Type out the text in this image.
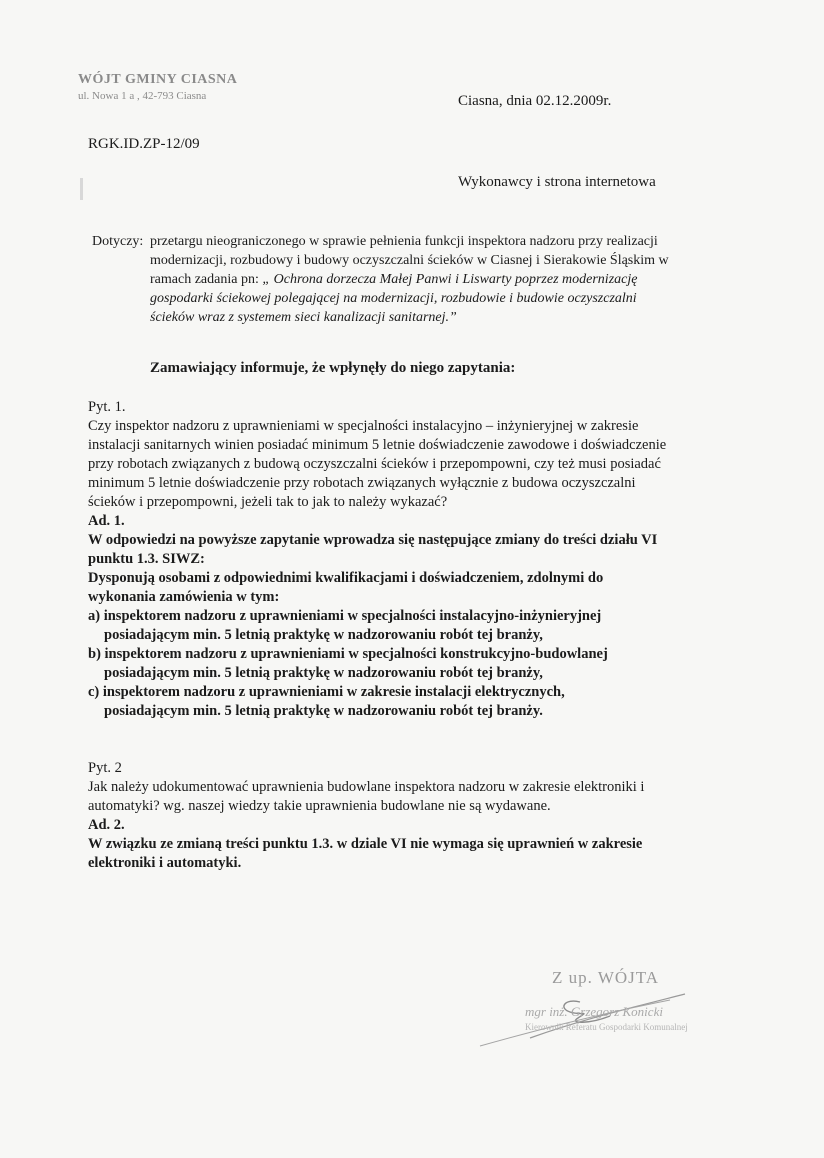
WÓJT GMINY CIASNA
ul. Nowa 1 a , 42-793 Ciasna	Ciasna, dnia 02.12.2009r.
RGK.ID.ZP-12/09
Wykonawcy i strona internetowa
Dotyczy: przetargu nieograniczonego w sprawie pełnienia funkcji inspektora nadzoru przy realizacji
modernizacji, rozbudowy i budowy oczyszczalni ścieków w Ciasnej i Sierakowie Śląskim w
ramach zadania pn: „ Ochrona dorzecza Małej Panwi i Liswarty poprzez modernizację
gospodarki ściekowej polegającej na modernizacji, rozbudowie i budowie oczyszczalni
ścieków wraz z systemem sieci kanalizacji sanitarnej.”
Zamawiający informuje, że wpłynęły do niego zapytania:

Pyt. 1.

Czy inspektor nadzoru z uprawnieniami w specjalności instalacyjno – inżynieryjnej w zakresie

instalacji sanitarnych winien posiadać minimum 5 letnie doświadczenie zawodowe i doświadczenie

przy robotach związanych z budową oczyszczalni ścieków i przepompowni, czy też musi posiadać

minimum 5 letnie doświadczenie przy robotach związanych wyłącznie z budowa oczyszczalni

ścieków i przepompowni, jeżeli tak to jak to należy wykazać?

Ad. 1.

W odpowiedzi na powyższe zapytanie wprowadza się następujące zmiany do treści działu VI

punktu 1.3. SIWZ:

Dysponują osobami z odpowiednimi kwalifikacjami i doświadczeniem, zdolnymi do

wykonania zamówienia w tym:

a) inspektorem nadzoru z uprawnieniami w specjalności instalacyjno-inżynieryjnej

posiadającym min. 5 letnią praktykę w nadzorowaniu robót tej branży,

b) inspektorem nadzoru z uprawnieniami w specjalności konstrukcyjno-budowlanej

posiadającym min. 5 letnią praktykę w nadzorowaniu robót tej branży,

c) inspektorem nadzoru z uprawnieniami w zakresie instalacji elektrycznych,

posiadającym min. 5 letnią praktykę w nadzorowaniu robót tej branży.

Pyt. 2

Jak należy udokumentować uprawnienia budowlane inspektora nadzoru w zakresie elektroniki i

automatyki? wg. naszej wiedzy takie uprawnienia budowlane nie są wydawane.

Ad. 2.

W związku ze zmianą treści punktu 1.3. w dziale VI nie wymaga się uprawnień w zakresie

elektroniki i automatyki.

Z up. WÓJTA
mgr inż. Grzegorz Konicki
Kierownik Referatu Gospodarki Komunalnej
